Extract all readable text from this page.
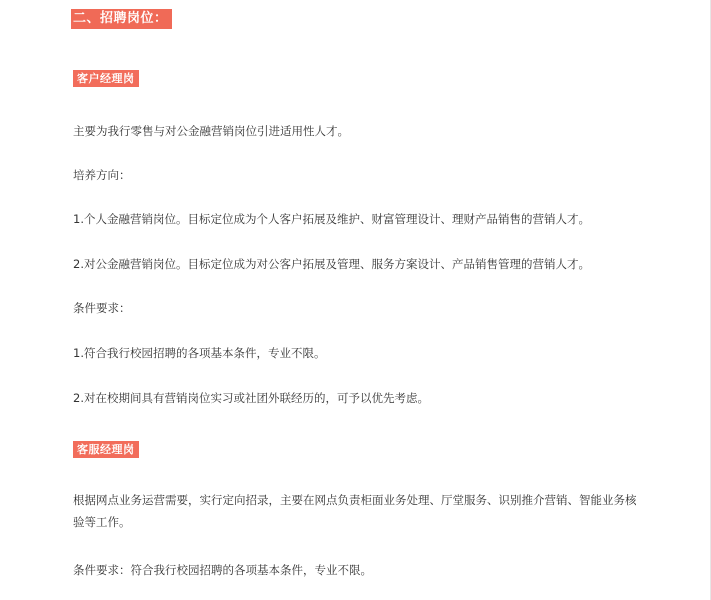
二、招聘岗位：
客户经理岗
主要为我行零售与对公金融营销岗位引进适用性人才。
培养方向：
1.个人金融营销岗位。目标定位成为个人客户拓展及维护、财富管理设计、理财产品销售的营销人才。
2.对公金融营销岗位。目标定位成为对公客户拓展及管理、服务方案设计、产品销售管理的营销人才。
条件要求：
1.符合我行校园招聘的各项基本条件，专业不限。
2.对在校期间具有营销岗位实习或社团外联经历的，可予以优先考虑。
客服经理岗
根据网点业务运营需要，实行定向招录，主要在网点负责柜面业务处理、厅堂服务、识别推介营销、智能业务核验等工作。
条件要求：符合我行校园招聘的各项基本条件，专业不限。
